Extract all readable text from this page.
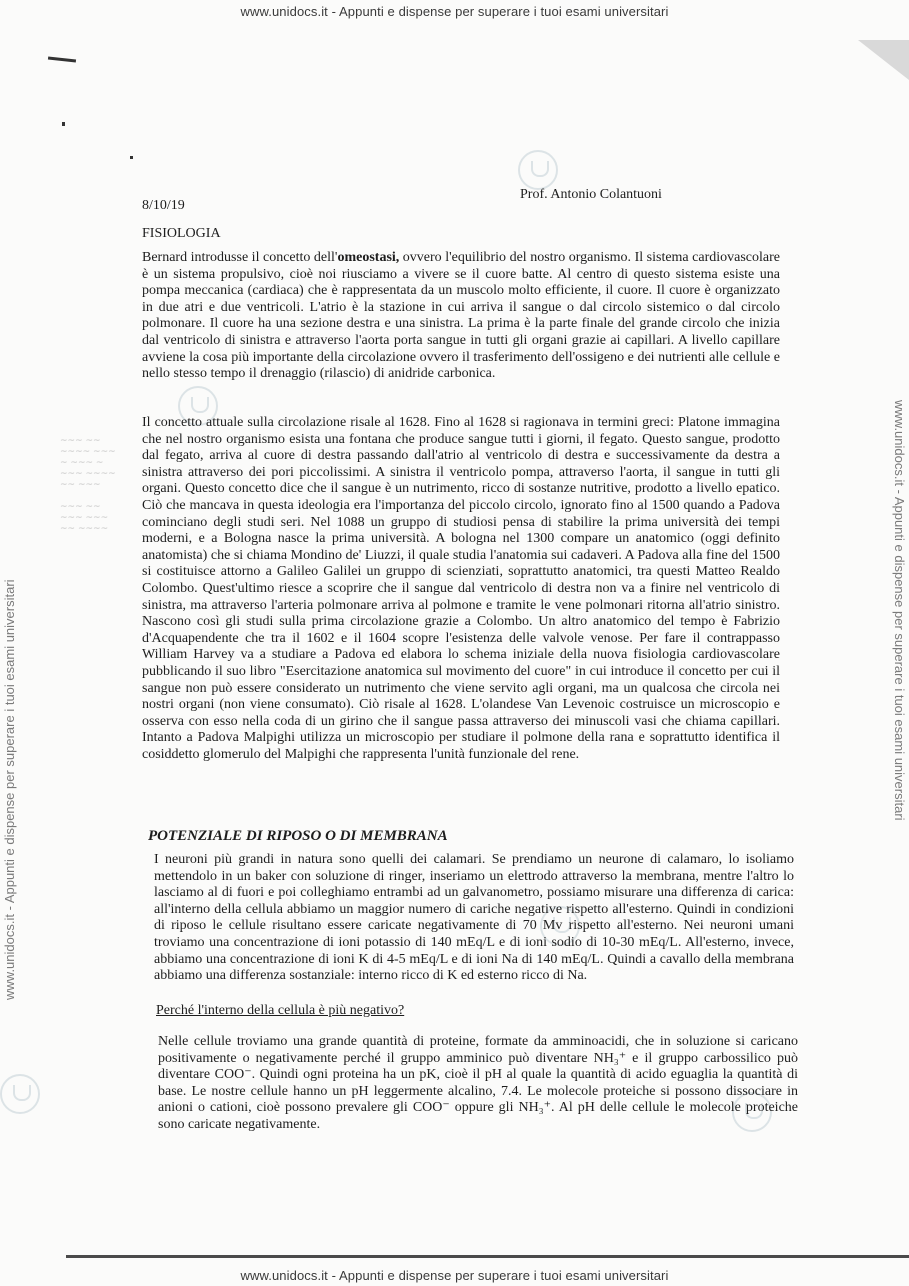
www.unidocs.it - Appunti e dispense per superare i tuoi esami universitari
www.unidocs.it - Appunti e dispense per superare i tuoi esami universitari	www.unidocs.it - Appunti e dispense per superare i tuoi esami universitari
~~~ ~~
~~~~ ~~~
~ ~~~ ~
~~~ ~~~~
~~ ~~~

~~~ ~~
~~~ ~~~
~~ ~~~~
8/10/19
Prof. Antonio Colantuoni
FISIOLOGIA
Bernard introdusse il concetto dell'omeostasi, ovvero l'equilibrio del nostro organismo. Il sistema cardiovascolare è un sistema propulsivo, cioè noi riusciamo a vivere se il cuore batte. Al centro di questo sistema esiste una pompa meccanica (cardiaca) che è rappresentata da un muscolo molto efficiente, il cuore. Il cuore è organizzato in due atri e due ventricoli. L'atrio è la stazione in cui arriva il sangue o dal circolo sistemico o dal circolo polmonare. Il cuore ha una sezione destra e una sinistra. La prima è la parte finale del grande circolo che inizia dal ventricolo di sinistra e attraverso l'aorta porta sangue in tutti gli organi grazie ai capillari. A livello capillare avviene la cosa più importante della circolazione ovvero il trasferimento dell'ossigeno e dei nutrienti alle cellule e nello stesso tempo il drenaggio (rilascio) di anidride carbonica.
Il concetto attuale sulla circolazione risale al 1628. Fino al 1628 si ragionava in termini greci: Platone immagina che nel nostro organismo esista una fontana che produce sangue tutti i giorni, il fegato. Questo sangue, prodotto dal fegato, arriva al cuore di destra passando dall'atrio al ventricolo di destra e successivamente da destra a sinistra attraverso dei pori piccolissimi. A sinistra il ventricolo pompa, attraverso l'aorta, il sangue in tutti gli organi. Questo concetto dice che il sangue è un nutrimento, ricco di sostanze nutritive, prodotto a livello epatico. Ciò che mancava in questa ideologia era l'importanza del piccolo circolo, ignorato fino al 1500 quando a Padova cominciano degli studi seri. Nel 1088 un gruppo di studiosi pensa di stabilire la prima università dei tempi moderni, e a Bologna nasce la prima università. A bologna nel 1300 compare un anatomico (oggi definito anatomista) che si chiama Mondino de' Liuzzi, il quale studia l'anatomia sui cadaveri. A Padova alla fine del 1500 si costituisce attorno a Galileo Galilei un gruppo di scienziati, soprattutto anatomici, tra questi Matteo Realdo Colombo. Quest'ultimo riesce a scoprire che il sangue dal ventricolo di destra non va a finire nel ventricolo di sinistra, ma attraverso l'arteria polmonare arriva al polmone e tramite le vene polmonari ritorna all'atrio sinistro. Nascono così gli studi sulla prima circolazione grazie a Colombo. Un altro anatomico del tempo è Fabrizio d'Acquapendente che tra il 1602 e il 1604 scopre l'esistenza delle valvole venose. Per fare il contrappasso William Harvey va a studiare a Padova ed elabora lo schema iniziale della nuova fisiologia cardiovascolare pubblicando il suo libro "Esercitazione anatomica sul movimento del cuore" in cui introduce il concetto per cui il sangue non può essere considerato un nutrimento che viene servito agli organi, ma un qualcosa che circola nei nostri organi (non viene consumato). Ciò risale al 1628. L'olandese Van Levenoic costruisce un microscopio e osserva con esso nella coda di un girino che il sangue passa attraverso dei minuscoli vasi che chiama capillari. Intanto a Padova Malpighi utilizza un microscopio per studiare il polmone della rana e soprattutto identifica il cosiddetto glomerulo del Malpighi che rappresenta l'unità funzionale del rene.
POTENZIALE DI RIPOSO O DI MEMBRANA
I neuroni più grandi in natura sono quelli dei calamari. Se prendiamo un neurone di calamaro, lo isoliamo mettendolo in un baker con soluzione di ringer, inseriamo un elettrodo attraverso la membrana, mentre l'altro lo lasciamo al di fuori e poi colleghiamo entrambi ad un galvanometro, possiamo misurare una differenza di carica: all'interno della cellula abbiamo un maggior numero di cariche negative rispetto all'esterno. Quindi in condizioni di riposo le cellule risultano essere caricate negativamente di 70 Mv rispetto all'esterno. Nei neuroni umani troviamo una concentrazione di ioni potassio di 140 mEq/L e di ioni sodio di 10-30 mEq/L. All'esterno, invece, abbiamo una concentrazione di ioni K di 4-5 mEq/L e di ioni Na di 140 mEq/L. Quindi a cavallo della membrana abbiamo una differenza sostanziale: interno ricco di K ed esterno ricco di Na.
Perché l'interno della cellula è più negativo?
Nelle cellule troviamo una grande quantità di proteine, formate da amminoacidi, che in soluzione si caricano positivamente o negativamente perché il gruppo amminico può diventare NH₃⁺ e il gruppo carbossilico può diventare COO⁻. Quindi ogni proteina ha un pK, cioè il pH al quale la quantità di acido eguaglia la quantità di base. Le nostre cellule hanno un pH leggermente alcalino, 7.4. Le molecole proteiche si possono dissociare in anioni o cationi, cioè possono prevalere gli COO⁻ oppure gli NH₃⁺. Al pH delle cellule le molecole proteiche sono caricate negativamente.
www.unidocs.it - Appunti e dispense per superare i tuoi esami universitari
